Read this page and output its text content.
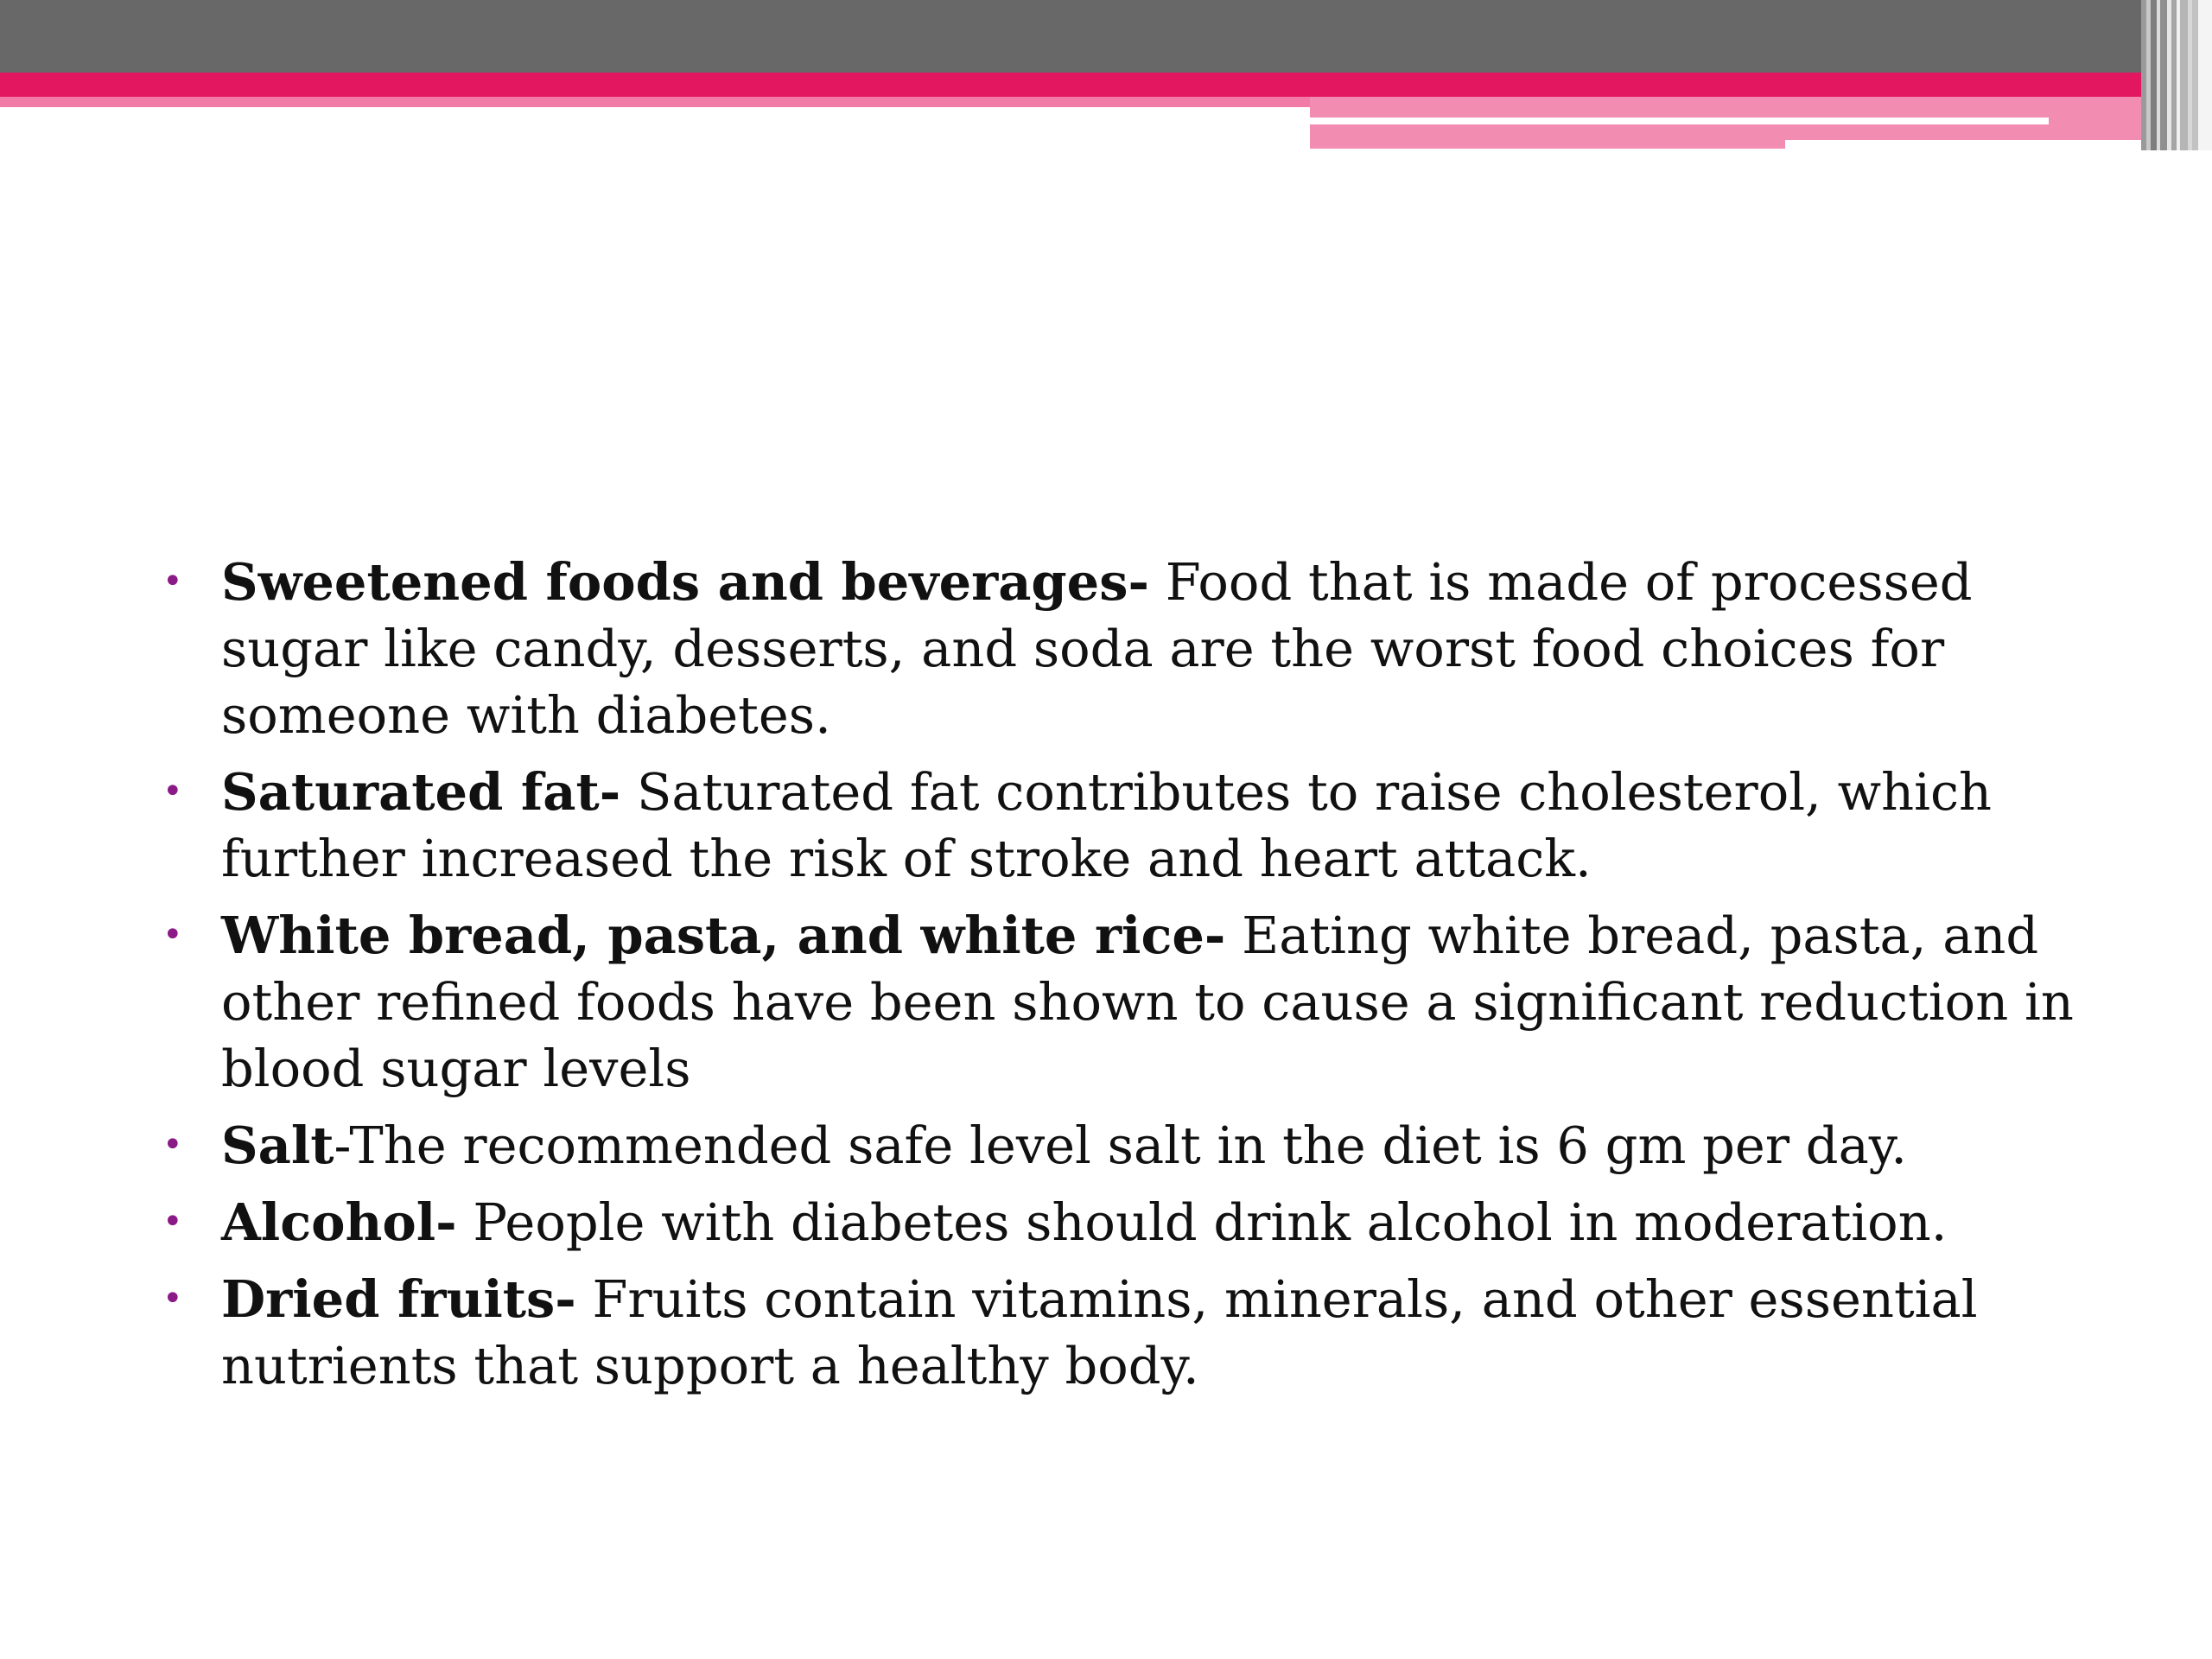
• Sweetened foods and beverages- Food that is made of processed sugar like candy, desserts, and soda are the worst food choices for someone with diabetes.
• Saturated fat- Saturated fat contributes to raise cholesterol, which further increased the risk of stroke and heart attack.
• White bread, pasta, and white rice- Eating white bread, pasta, and other refined foods have been shown to cause a significant reduction in blood sugar levels
• Salt-The recommended safe level salt in the diet is 6 gm per day.
• Alcohol- People with diabetes should drink alcohol in moderation.
• Dried fruits- Fruits contain vitamins, minerals, and other essential nutrients that support a healthy body.
